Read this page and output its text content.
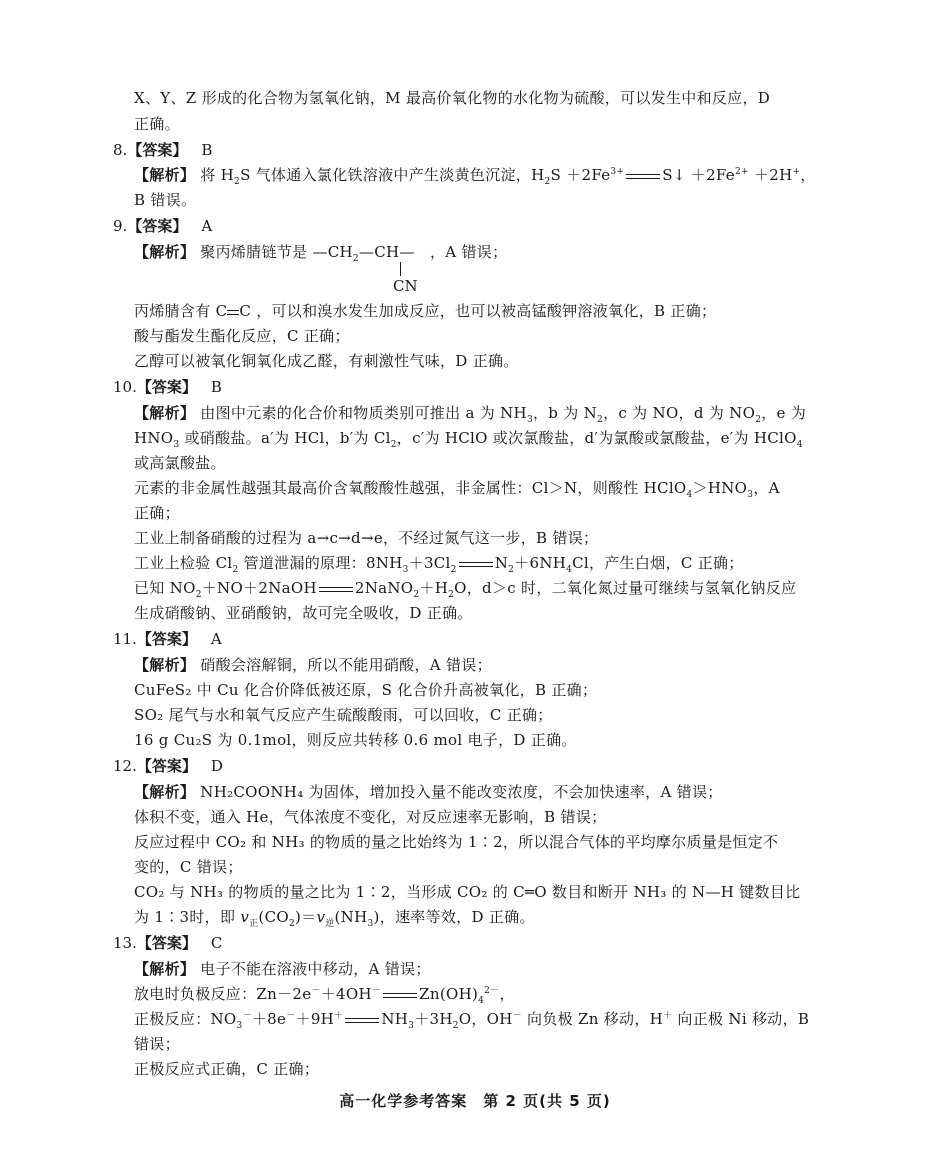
X、Y、Z 形成的化合物为氢氧化钠，M 最高价氧化物的水化物为硫酸，可以发生中和反应，D
正确。
8.【答案】 B
【解析】 将 $H_2S$ 气体通入氯化铁溶液中产生淡黄色沉淀，$H_2S +2Fe^{3+}$	S↓ $+2Fe^{2+} +2H^+$，
B 错误。
9.【答案】 A
【解析】 聚丙烯腈链节是 $—CH_2—CH—$　，A 错误；
CN
丙烯腈含有 C C ，可以和溴水发生加成反应，也可以被高锰酸钾溶液氧化，B 正确；
酸与酯发生酯化反应，C 正确；
乙醇可以被氧化铜氧化成乙醛，有刺激性气味，D 正确。
10.【答案】 B
【解析】 由图中元素的化合价和物质类别可推出 a 为 $NH_3$，b 为 $N_2$，c 为 NO，d 为 $NO_2$，e 为
$HNO_3$ 或硝酸盐。a′为 HCl，b′为 $Cl_2$，c′为 HClO 或次氯酸盐，d′为氯酸或氯酸盐，e′为 HClO$_4$
或高氯酸盐。
元素的非金属性越强其最高价含氧酸酸性越强，非金属性：Cl＞N，则酸性 $HClO_4>HNO_3$，A
正确；
工业上制备硝酸的过程为 a→c→d→e，不经过氮气这一步，B 错误；
工业上检验 $Cl_2$ 管道泄漏的原理：$8NH_3+3Cl_2$	$N_2+6NH_4Cl$，产生白烟，C 正确；
已知 $NO_2+NO+2NaOH$	$2NaNO_2+H_2O$，d＞c 时，二氧化氮过量可继续与氢氧化钠反应
生成硝酸钠、亚硝酸钠，故可完全吸收，D 正确。
11.【答案】 A
【解析】 硝酸会溶解铜，所以不能用硝酸，A 错误；
CuFeS₂ 中 Cu 化合价降低被还原，S 化合价升高被氧化，B 正确；
SO₂ 尾气与水和氧气反应产生硫酸酸雨，可以回收，C 正确；
16 g Cu₂S 为 0.1mol，则反应共转移 0.6 mol 电子，D 正确。
12.【答案】 D
【解析】 NH₂COONH₄ 为固体，增加投入量不能改变浓度，不会加快速率，A 错误；
体积不变，通入 He，气体浓度不变化，对反应速率无影响，B 错误；
反应过程中 CO₂ 和 NH₃ 的物质的量之比始终为 1∶2，所以混合气体的平均摩尔质量是恒定不
变的，C 错误；
CO₂ 与 NH₃ 的物质的量之比为 1∶2，当形成 CO₂ 的 C═O 数目和断开 NH₃ 的 N—H 键数目比
为 1∶3时，即 $v_正(CO_2)=v_逆(NH_3)$，速率等效，D 正确。
13.【答案】 C
【解析】 电子不能在溶液中移动，A 错误；
放电时负极反应：Zn－2e－＋4OH－	$Zn(OH)_4^{2-}$，
正极反应：$NO_3^-+8e^-+9H^+$	$NH_3+3H_2O$，OH－ 向负极 Zn 移动，H＋ 向正极 Ni 移动，B
错误；
正极反应式正确，C 正确；
高一化学参考答案　第 2 页(共 5 页)
